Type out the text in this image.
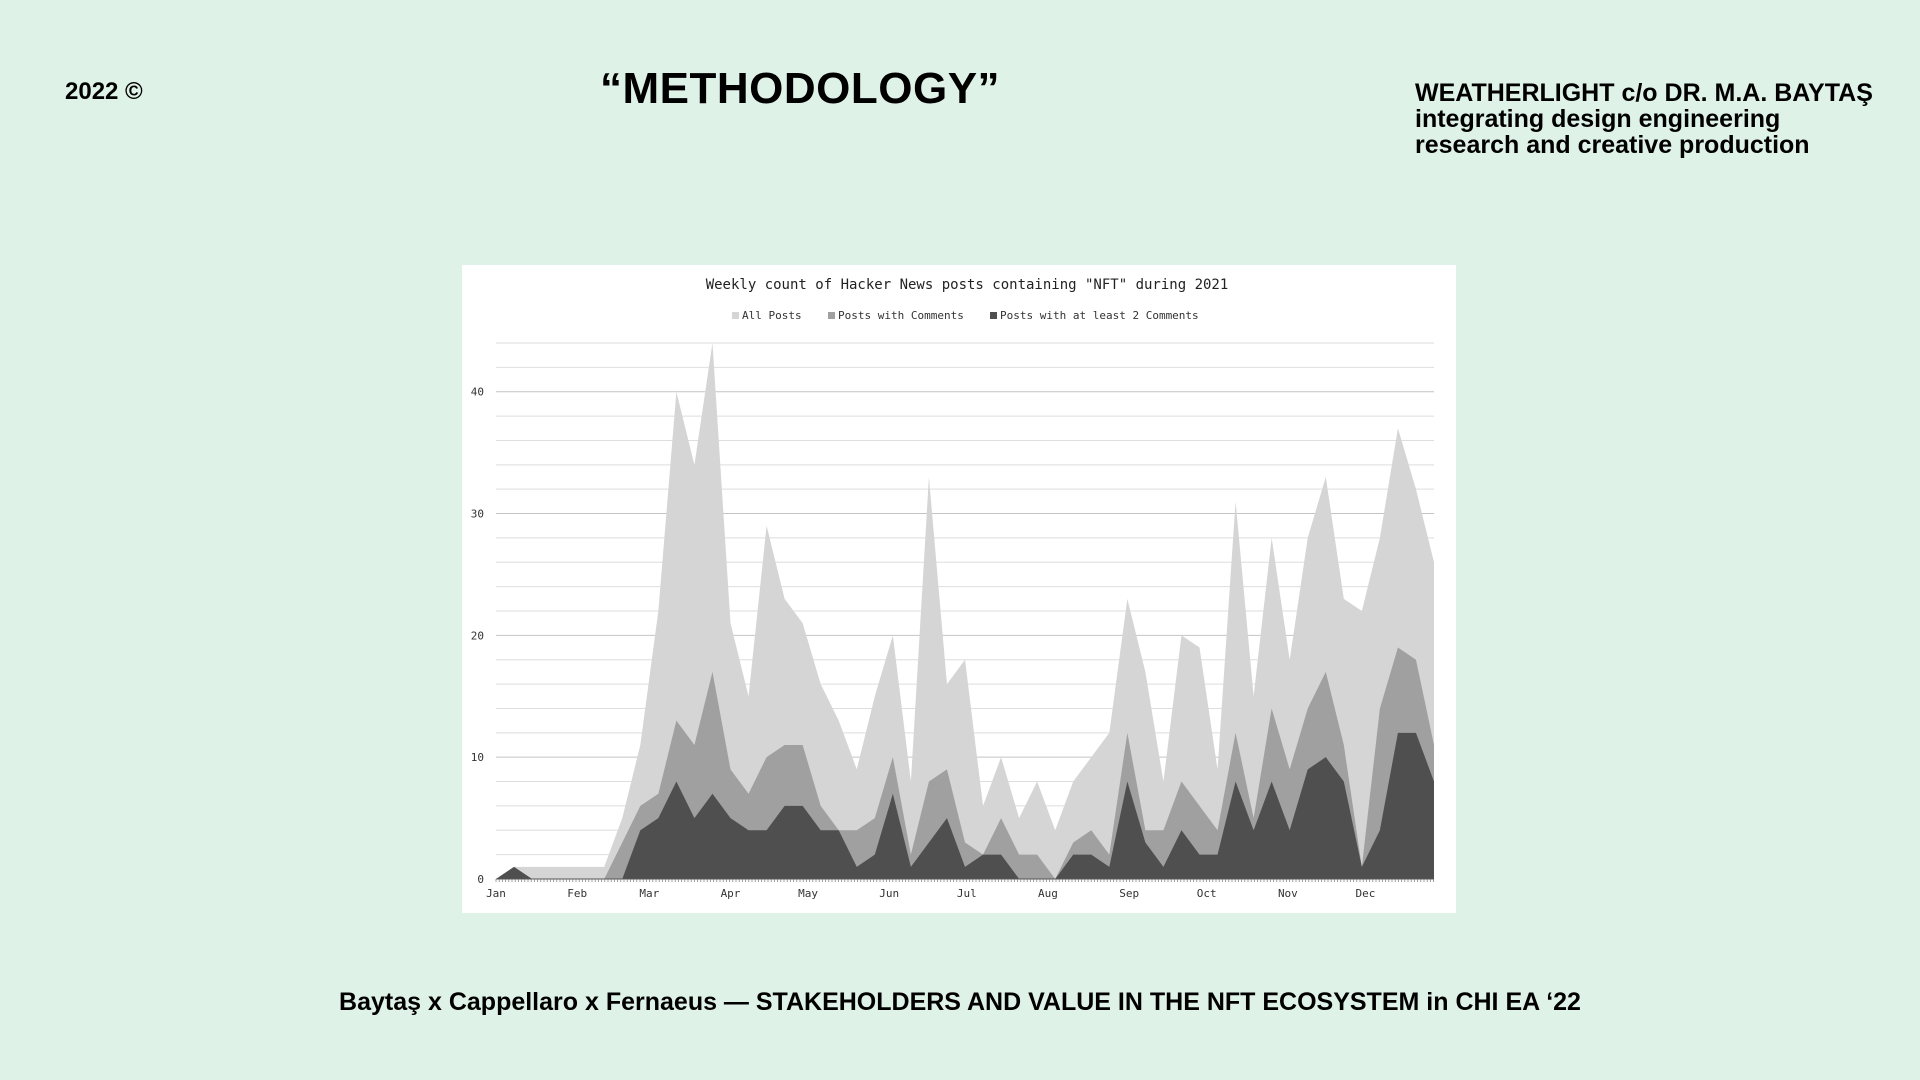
2022 ©	“METHODOLOGY”	WEATHERLIGHT c/o DR. M.A. BAYTAŞ
integrating design engineering
research and creative production
Weekly count of Hacker News posts containing "NFT" during 2021
All Posts	Posts with Comments	Posts with at least 2 Comments
0
10
20
30
40
Jan	Feb	Mar	Apr	May	Jun	Jul	Aug	Sep	Oct	Nov	Dec
Baytaş x Cappellaro x Fernaeus — STAKEHOLDERS AND VALUE IN THE NFT ECOSYSTEM in CHI EA ‘22
